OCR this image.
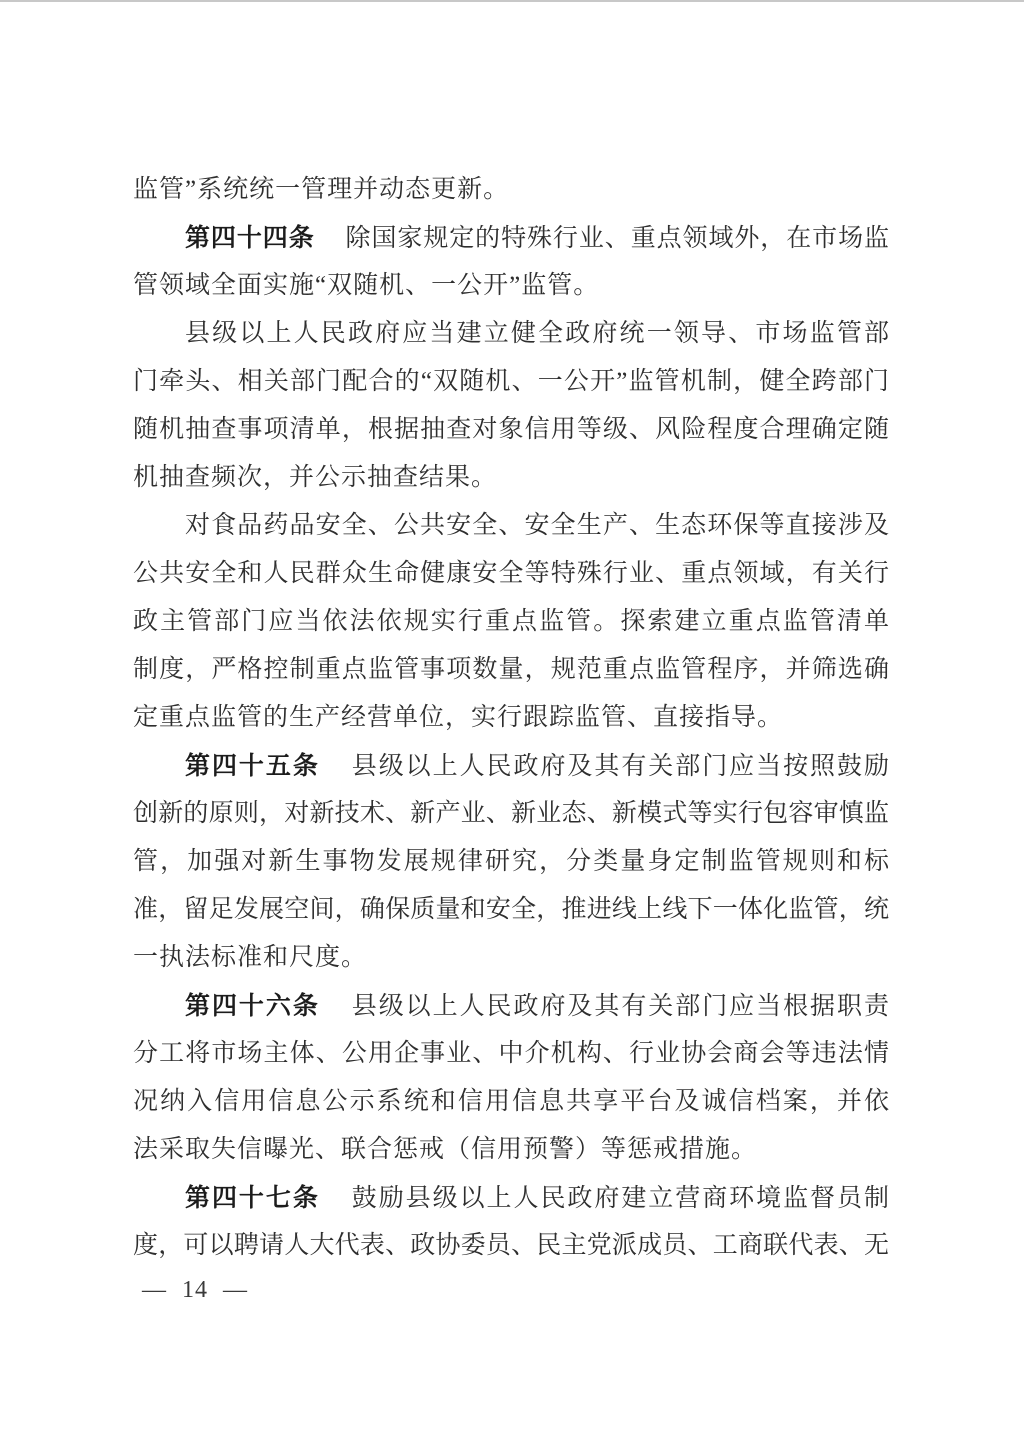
监管”系统统一管理并动态更新。
第四十四条 除国家规定的特殊行业、重点领域外，在市场监
管领域全面实施“双随机、一公开”监管。
县级以上人民政府应当建立健全政府统一领导、市场监管部
门牵头、相关部门配合的“双随机、一公开”监管机制，健全跨部门
随机抽查事项清单，根据抽查对象信用等级、风险程度合理确定随
机抽查频次，并公示抽查结果。
对食品药品安全、公共安全、安全生产、生态环保等直接涉及
公共安全和人民群众生命健康安全等特殊行业、重点领域，有关行
政主管部门应当依法依规实行重点监管。探索建立重点监管清单
制度，严格控制重点监管事项数量，规范重点监管程序，并筛选确
定重点监管的生产经营单位，实行跟踪监管、直接指导。
第四十五条 县级以上人民政府及其有关部门应当按照鼓励
创新的原则，对新技术、新产业、新业态、新模式等实行包容审慎监
管，加强对新生事物发展规律研究，分类量身定制监管规则和标
准，留足发展空间，确保质量和安全，推进线上线下一体化监管，统
一执法标准和尺度。
第四十六条 县级以上人民政府及其有关部门应当根据职责
分工将市场主体、公用企事业、中介机构、行业协会商会等违法情
况纳入信用信息公示系统和信用信息共享平台及诚信档案，并依
法采取失信曝光、联合惩戒（信用预警）等惩戒措施。
第四十七条 鼓励县级以上人民政府建立营商环境监督员制
度，可以聘请人大代表、政协委员、民主党派成员、工商联代表、无
— 14 —
